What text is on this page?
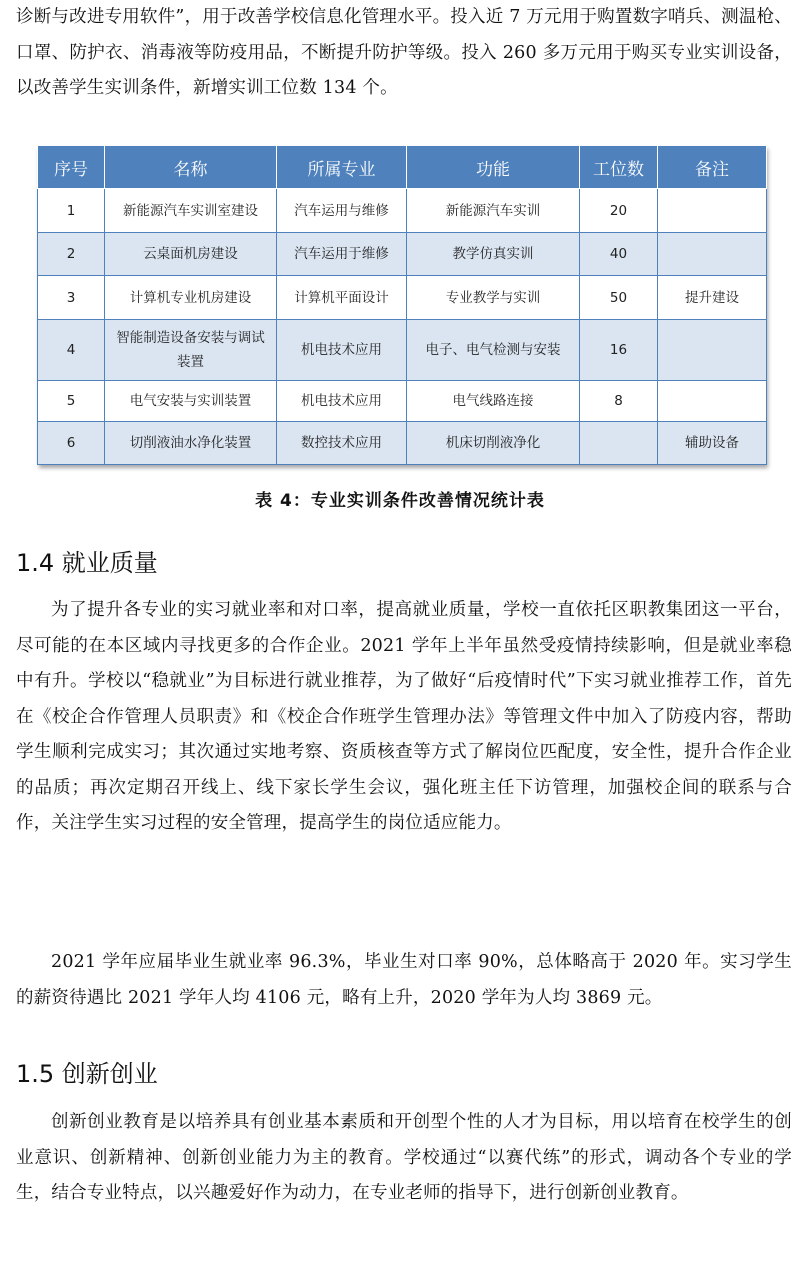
诊断与改进专用软件”，用于改善学校信息化管理水平。投入近 7 万元用于购置数字哨兵、测温枪、口罩、防护衣、消毒液等防疫用品，不断提升防护等级。投入 260 多万元用于购买专业实训设备，以改善学生实训条件，新增实训工位数 134 个。

序号	名称	所属专业	功能	工位数	备注
1	新能源汽车实训室建设	汽车运用与维修	新能源汽车实训	20	
2	云桌面机房建设	汽车运用于维修	教学仿真实训	40	
3	计算机专业机房建设	计算机平面设计	专业教学与实训	50	提升建设
4	智能制造设备安装与调试装置	机电技术应用	电子、电气检测与安装	16	
5	电气安装与实训装置	机电技术应用	电气线路连接	8	
6	切削液油水净化装置	数控技术应用	机床切削液净化		辅助设备

表 4：专业实训条件改善情况统计表

1.4 就业质量

为了提升各专业的实习就业率和对口率，提高就业质量，学校一直依托区职教集团这一平台，尽可能的在本区域内寻找更多的合作企业。2021 学年上半年虽然受疫情持续影响，但是就业率稳中有升。学校以“稳就业”为目标进行就业推荐，为了做好“后疫情时代”下实习就业推荐工作，首先在《校企合作管理人员职责》和《校企合作班学生管理办法》等管理文件中加入了防疫内容，帮助学生顺利完成实习；其次通过实地考察、资质核查等方式了解岗位匹配度，安全性，提升合作企业的品质；再次定期召开线上、线下家长学生会议，强化班主任下访管理，加强校企间的联系与合作，关注学生实习过程的安全管理，提高学生的岗位适应能力。

2021 学年应届毕业生就业率 96.3%，毕业生对口率 90%，总体略高于 2020 年。实习学生的薪资待遇比 2021 学年人均 4106 元，略有上升，2020 学年为人均 3869 元。

1.5 创新创业

创新创业教育是以培养具有创业基本素质和开创型个性的人才为目标，用以培育在校学生的创业意识、创新精神、创新创业能力为主的教育。学校通过“以赛代练”的形式，调动各个专业的学生，结合专业特点，以兴趣爱好作为动力，在专业老师的指导下，进行创新创业教育。
